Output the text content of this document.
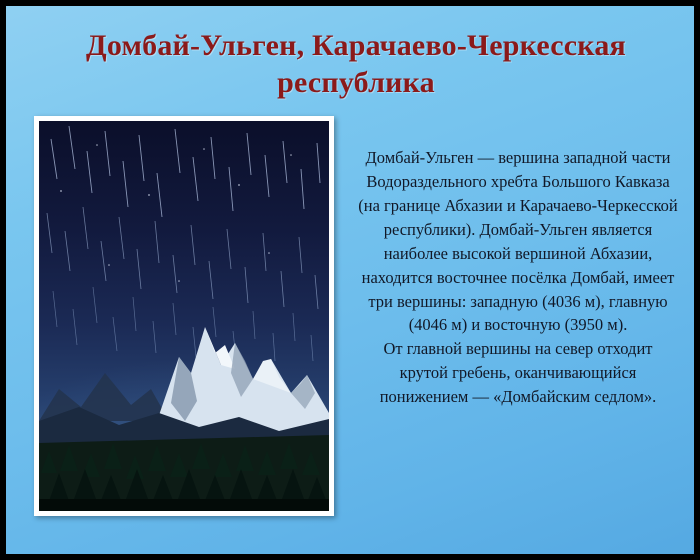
Домбай-Ульген, Карачаево-Черкесская республика

Домбай-Ульген — вершина западной части Водораздельного хребта Большого Кавказа (на границе Абхазии и Карачаево-Черкесской республики). Домбай-Ульген является наиболее высокой вершиной Абхазии, находится восточнее посёлка Домбай, имеет три вершины: западную (4036 м), главную (4046 м) и восточную (3950 м).

От главной вершины на север отходит крутой гребень, оканчивающийся понижением — «Домбайским седлом».
